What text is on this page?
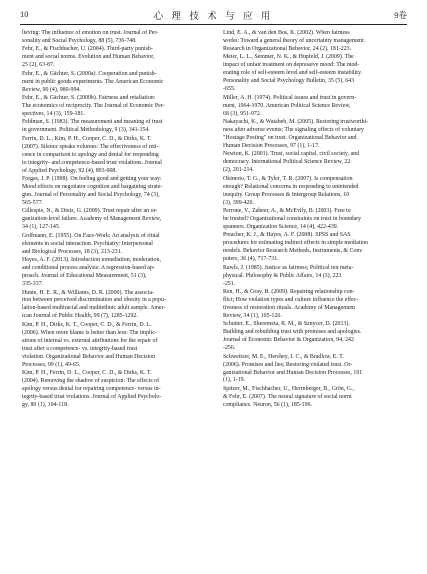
10	心 理 技 术 与 应 用	9卷
lieving: The influence of emotion on trust. Journal of Per-
sonality and Social Psychology, 88 (5), 736-748.
Fehr, E., & Fischbacher, U. (2004). Third-party punish-
ment and social norms. Evolution and Human Behavior,
25 (2), 63-87.
Fehr, E., & Gächter, S. (2000a). Cooperation and punish-
ment in public goods experiments. The American Economic
Review, 90 (4), 980-994.
Fehr, E., & Gächter, S. (2000b). Fairness and retaliation:
The economics of reciprocity. The Journal of Economic Per-
spectives, 14 (3), 159-181.
Feldman, S. (1983). The measurement and meaning of trust
in government. Political Methodology, 9 (3), 341-354.
Ferrin, D. L., Kim, P. H., Cooper, C. D., & Dirks, K. T.
(2007). Silence speaks volumes: The effectiveness of reti-
cence in comparison to apology and denial for responding
to integrity- and competence-based trust violations. Journal
of Applied Psychology, 92 (4), 893-908.
Forgas, J. P. (1998). On feeling good and getting your way:
Mood effects on negotiator cognition and bargaining strate-
gies. Journal of Personality and Social Psychology, 74 (3),
565-577.
Gillespie, N., & Dietz, G. (2009). Trust repair after an or-
ganization-level failure. Academy of Management Review,
34 (1), 127-145.
Goffmann, E. (1955). On Face-Work; An analysis of ritual
elements in social interaction. Psychiatry: Interpersonal
and Biological Processes, 18 (3), 213-231.
Hayes, A. F. (2013). Introduction tomediation, moderation,
and conditional process analysis: A regression-based ap-
proach. Journal of Educational Measurement, 51 (3),
335-337.
Hunte, H. E. R., & Williams, D. R. (2009). The associa-
tion between perceived discrimination and obesity in a popu-
lation-based multiracial and multiethnic adult sample. Amer-
ican Journal of Public Health, 99 (7), 1285-1292.
Kim, P. H., Dirks, K. T., Cooper, C. D., & Ferrin, D. L.
(2006). When more blame is better than less: The implic-
ations of internal vs. external attributions for the repair of
trust after a competence- vs. integrity-based trust
violation. Organizational Behavior and Human Decision
Processes, 99 (1), 49-65.
Kim, P. H., Ferrin, D. L., Cooper, C. D., & Dirks, K. T.
(2004). Removing the shadow of suspicion: The effects of
apology versus denial for repairing competence- versus in-
tegrity-based trust violations. Journal of Applied Psycholo-
gy, 89 (1), 104-118.
Lind, E. A., & van den Bos, K. (2002). When fairness
works: Toward a general theory of uncertainty management.
Research in Organizational Behavior, 24 (2), 181-223.
Meier, L. L., Semmer, N. K., & Hupfeld, J. (2009). The
impact of unfair treatment on depressive mood: The mod-
erating role of self-esteem level and self-esteem instability.
Personality and Social Psychology Bulletin, 35 (5), 643
-655.
Miller, A. H. (1974). Political issues and trust in govern-
ment, 1964-1970. American Political Science Review,
68 (3), 951-972.
Nakayachi, K., & Watabeb, M. (2005). Restoring trustworthi-
ness after adverse events; The signaling effects of voluntary
"Hostage Posting" on trust. Organizational Behavior and
Human Decision Processes, 97 (1), 1-17.
Newton, K. (2001). Trust, social capital, civil society, and
democracy. International Political Science Review, 22
(2), 201-214.
Okimoto, T. G., & Tyler, T. R. (2007). Is compensation
enough? Relational concerns in responding to unintended
inequity. Group Processes & Intergroup Relations, 10
(3), 399-420.
Perrone, V., Zaheer, A., & McEvily, B. (2003). Free to
be trusted? Organizational constraints on trust in boundary
spanners. Organization Science, 14 (4), 422-439.
Preacher, K. J., & Hayes, A. F. (2008). SPSS and SAS
procedures for estimating indirect effects in simple mediation
models. Behavior Research Methods, Instruments, & Com-
puters, 36 (4), 717-731.
Rawls, J. (1985). Justice as fairness; Political not meta-
physical. Philosophy & Public Affairs, 14 (3), 223
-251.
Ren, H., & Gray, B. (2009). Repairing relationship con-
flict; How violation types and culture influence the effec-
tiveness of restoration rituals. Academy of Management
Review, 34 (1), 105-126.
Schniter, E., Sheremeta, R. M., & Sznycer, D. (2013).
Building and rebuilding trust with promises and apologies.
Journal of Economic Behavior & Organization, 94, 242
-256.
Schweitzer, M. E., Hershey, J. C., & Bradlow, E. T.
(2006). Promises and lies; Restoring violated trust. Or-
ganizational Behavior and Human Decision Processes, 101
(1), 1-19.
Spitzer, M., Fischbacher, U., Herrnberger, B., Grön, G.,
& Fehr, E. (2007). The neural signature of social norm
compliance. Neuron, 56 (1), 185-196.
